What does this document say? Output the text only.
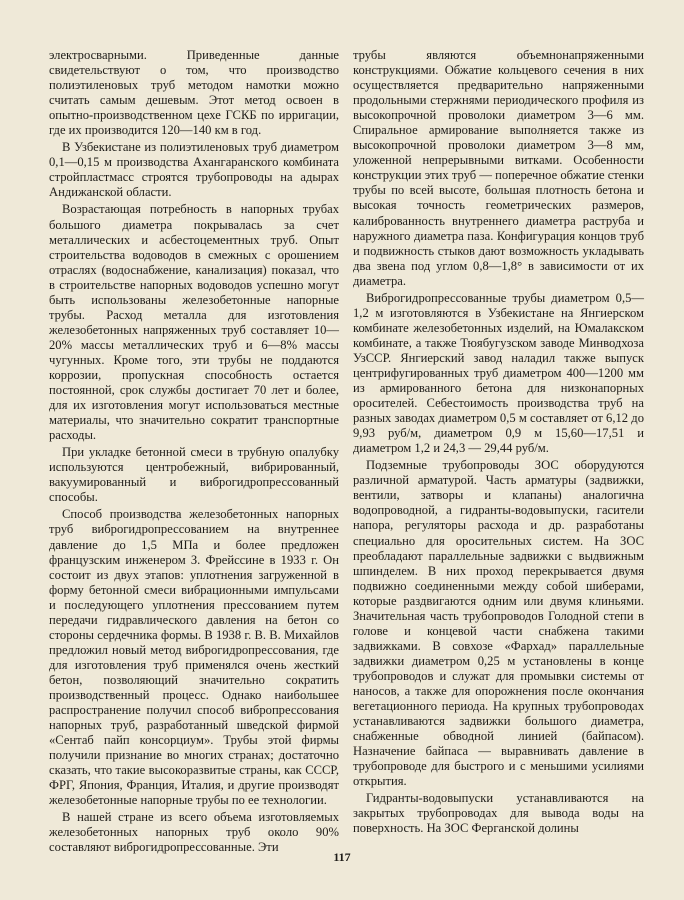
электросварными. Приведенные данные свидетельствуют о том, что производство полиэтиленовых труб методом намотки можно считать самым дешевым. Этот метод освоен в опытно-производственном цехе ГСКБ по ирригации, где их производится 120—140 км в год.

В Узбекистане из полиэтиленовых труб диаметром 0,1—0,15 м производства Ахангаранского комбината стройпластмасс строятся трубопроводы на адырах Андижанской области.

Возрастающая потребность в напорных трубах большого диаметра покрывалась за счет металлических и асбестоцементных труб. Опыт строительства водоводов в смежных с орошением отраслях (водоснабжение, канализация) показал, что в строительстве напорных водоводов успешно могут быть использованы железобетонные напорные трубы. Расход металла для изготовления железобетонных напряженных труб составляет 10—20% массы металлических труб и 6—8% массы чугунных. Кроме того, эти трубы не поддаются коррозии, пропускная способность остается постоянной, срок службы достигает 70 лет и более, для их изготовления могут использоваться местные материалы, что значительно сократит транспортные расходы.

При укладке бетонной смеси в трубную опалубку используются центробежный, вибрированный, вакуумированный и виброгидропрессованный способы.

Способ производства железобетонных напорных труб виброгидропрессованием на внутреннее давление до 1,5 МПа и более предложен французским инженером З. Фрейссине в 1933 г. Он состоит из двух этапов: уплотнения загруженной в форму бетонной смеси вибрационными импульсами и последующего уплотнения прессованием путем передачи гидравлического давления на бетон со стороны сердечника формы. В 1938 г. В. В. Михайлов предложил новый метод виброгидропрессования, где для изготовления труб применялся очень жесткий бетон, позволяющий значительно сократить производственный процесс. Однако наибольшее распространение получил способ вибропрессования напорных труб, разработанный шведской фирмой «Сентаб пайп консорциум». Трубы этой фирмы получили признание во многих странах; достаточно сказать, что такие высокоразвитые страны, как СССР, ФРГ, Япония, Франция, Италия, и другие производят железобетонные напорные трубы по ее технологии.

В нашей стране из всего объема изготовляемых железобетонных напорных труб около 90% составляют виброгидропрессованные. Эти

трубы являются объемнонапряженными конструкциями. Обжатие кольцевого сечения в них осуществляется предварительно напряженными продольными стержнями периодического профиля из высокопрочной проволоки диаметром 3—6 мм. Спиральное армирование выполняется также из высокопрочной проволоки диаметром 3—8 мм, уложенной непрерывными витками. Особенности конструкции этих труб — поперечное обжатие стенки трубы по всей высоте, большая плотность бетона и высокая точность геометрических размеров, калиброванность внутреннего диаметра раструба и наружного диаметра паза. Конфигурация концов труб и подвижность стыков дают возможность укладывать два звена под углом 0,8—1,8° в зависимости от их диаметра.

Виброгидропрессованные трубы диаметром 0,5—1,2 м изготовляются в Узбекистане на Янгиерском комбинате железобетонных изделий, на Юмалакском комбинате, а также Тюябугузском заводе Минводхоза УзССР. Янгиерский завод наладил также выпуск центрифугированных труб диаметром 400—1200 мм из армированного бетона для низконапорных оросителей. Себестоимость производства труб на разных заводах диаметром 0,5 м составляет от 6,12 до 9,93 руб/м, диаметром 0,9 м 15,60—17,51 и диаметром 1,2 и 24,3 — 29,44 руб/м.

Подземные трубопроводы ЗОС оборудуются различной арматурой. Часть арматуры (задвижки, вентили, затворы и клапаны) аналогична водопроводной, а гидранты-водовыпуски, гасители напора, регуляторы расхода и др. разработаны специально для оросительных систем. На ЗОС преобладают параллельные задвижки с выдвижным шпинделем. В них проход перекрывается двумя подвижно соединенными между собой шиберами, которые раздвигаются одним или двумя клиньями. Значительная часть трубопроводов Голодной степи в голове и концевой части снабжена такими задвижками. В совхозе «Фархад» параллельные задвижки диаметром 0,25 м установлены в конце трубопроводов и служат для промывки системы от наносов, а также для опорожнения после окончания вегетационного периода. На крупных трубопроводах устанавливаются задвижки большого диаметра, снабженные обводной линией (байпасом). Назначение байпаса — выравнивать давление в трубопроводе для быстрого и с меньшими усилиями открытия.

Гидранты-водовыпуски устанавливаются на закрытых трубопроводах для вывода воды на поверхность. На ЗОС Ферганской долины

117
